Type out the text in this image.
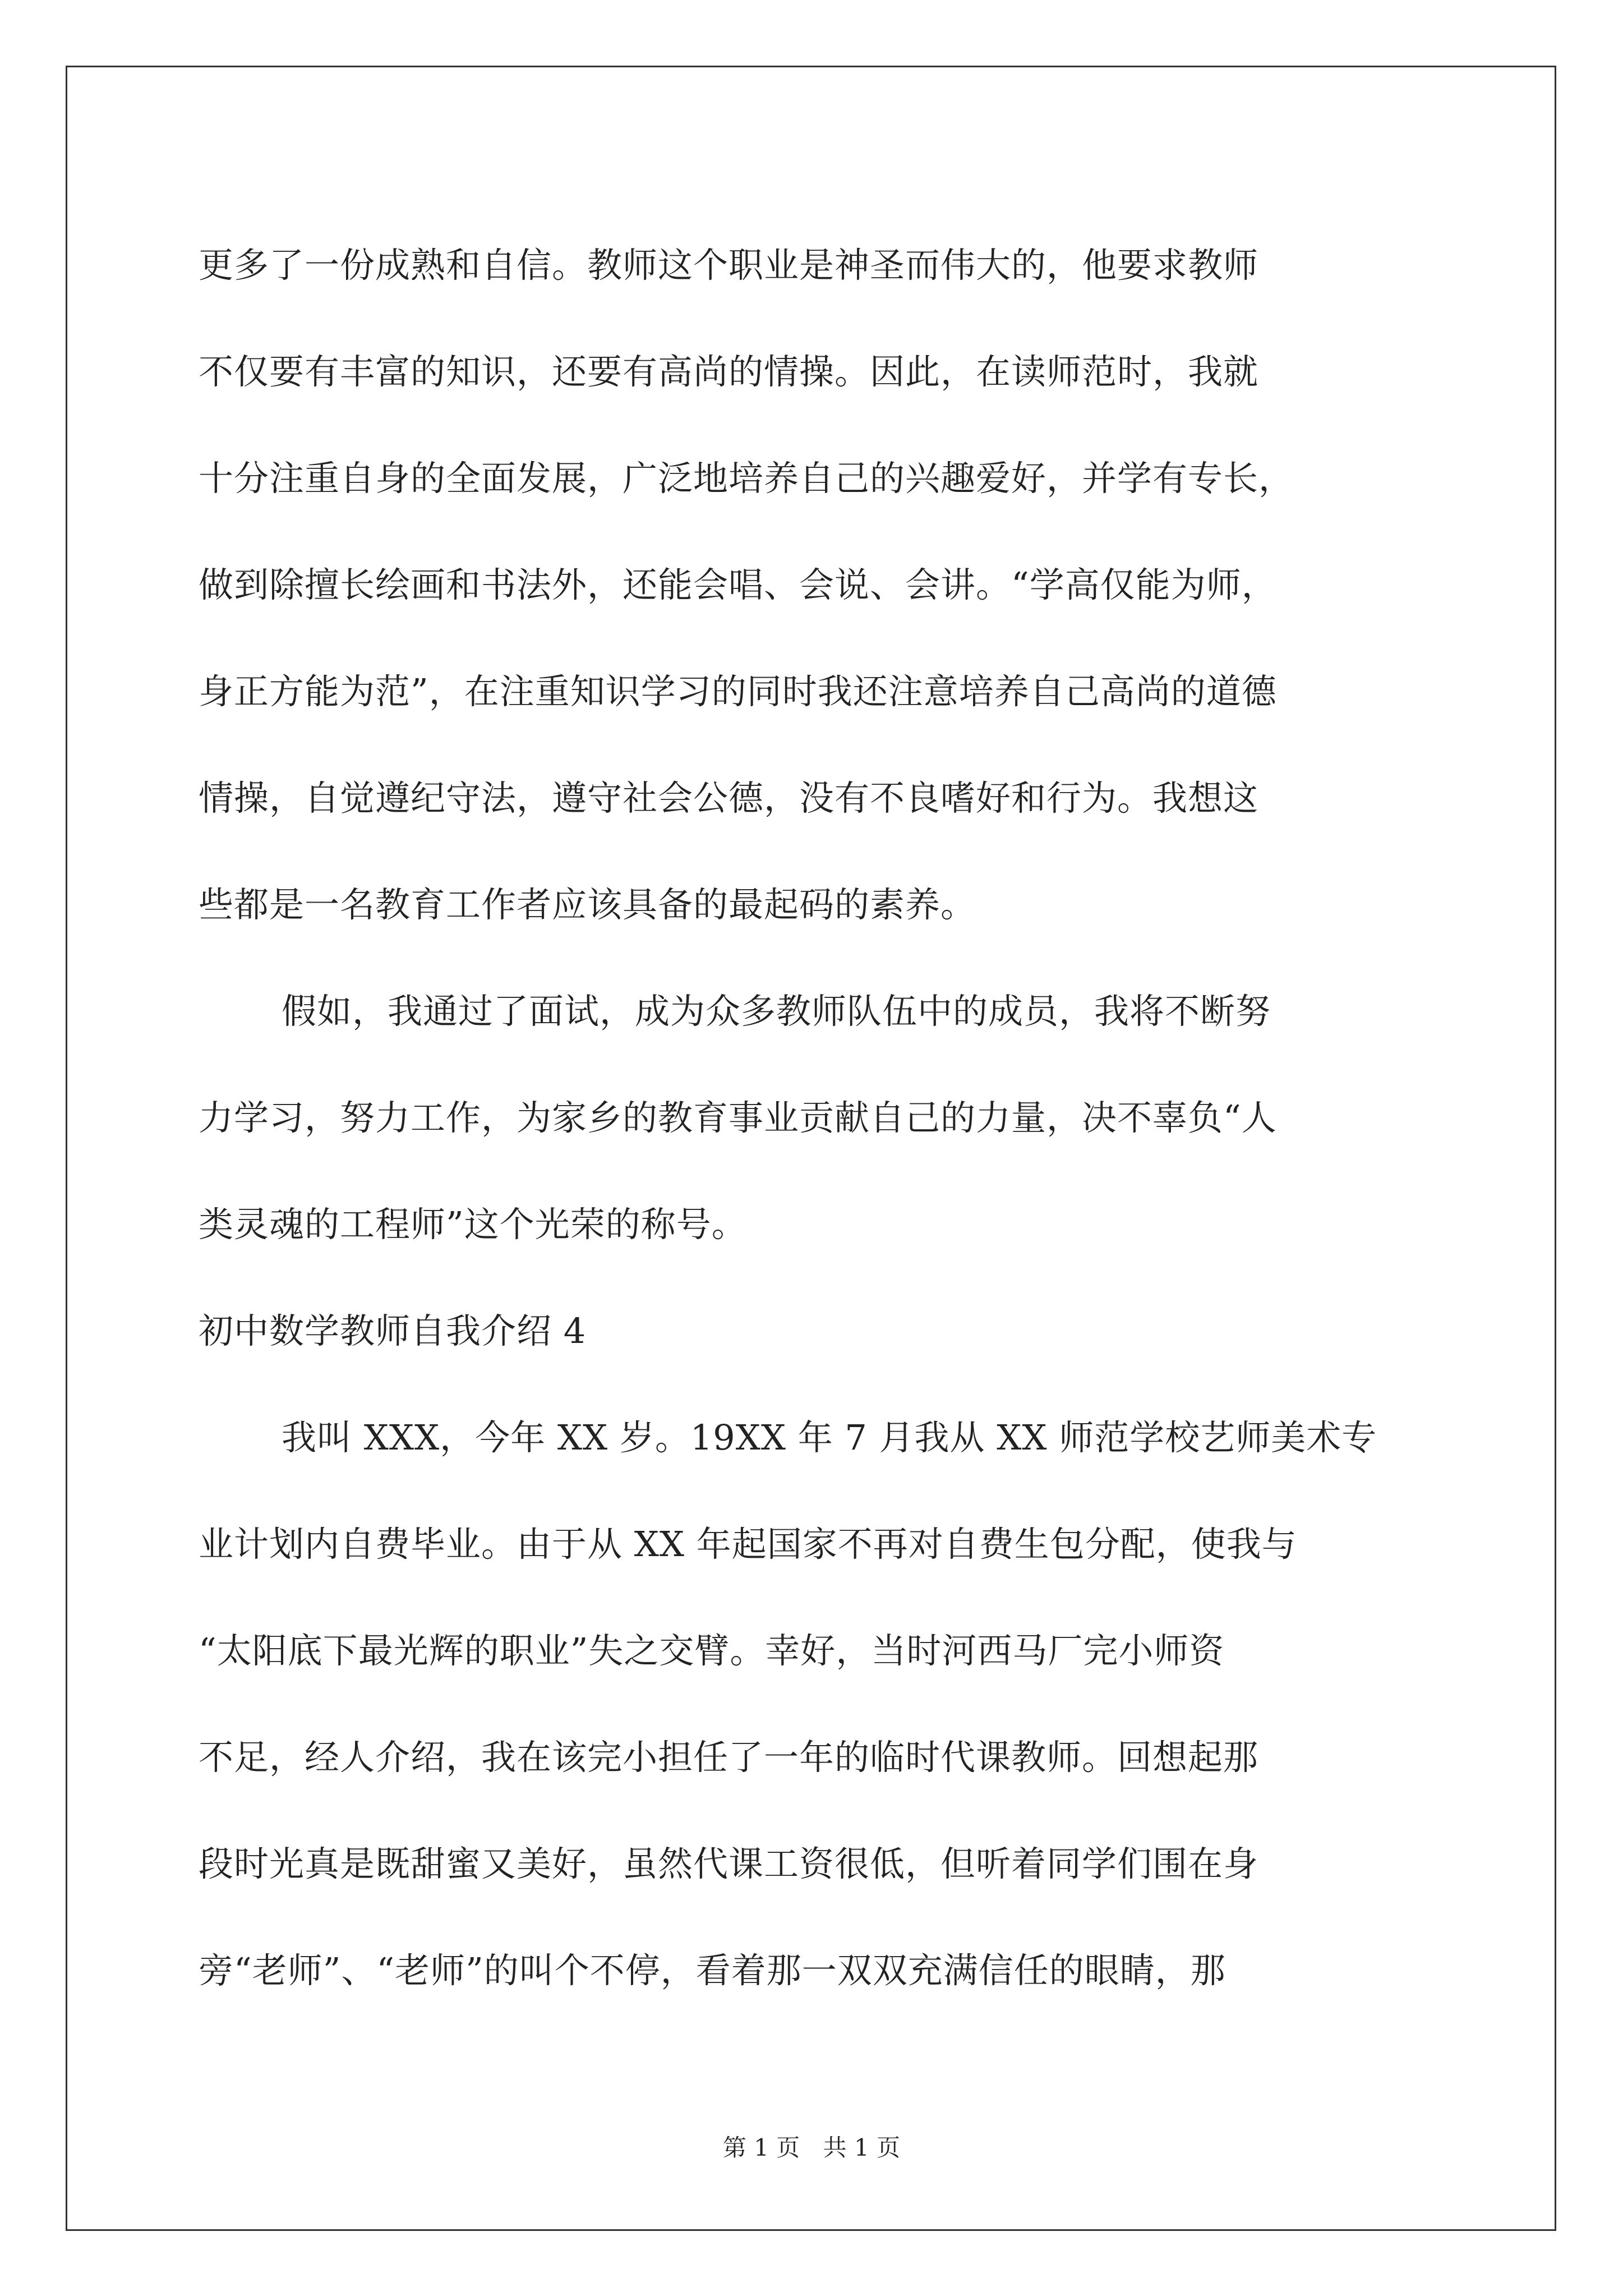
更多了一份成熟和自信。教师这个职业是神圣而伟大的，他要求教师
不仅要有丰富的知识，还要有高尚的情操。因此，在读师范时，我就
十分注重自身的全面发展，广泛地培养自己的兴趣爱好，并学有专长，
做到除擅长绘画和书法外，还能会唱、会说、会讲。“学高仅能为师，
身正方能为范”，在注重知识学习的同时我还注意培养自己高尚的道德
情操，自觉遵纪守法，遵守社会公德，没有不良嗜好和行为。我想这
些都是一名教育工作者应该具备的最起码的素养。
假如，我通过了面试，成为众多教师队伍中的成员，我将不断努
力学习，努力工作，为家乡的教育事业贡献自己的力量，决不辜负“人
类灵魂的工程师”这个光荣的称号。
初中数学教师自我介绍 4
我叫 XXX，今年 XX 岁。19XX 年 7 月我从 XX 师范学校艺师美术专
业计划内自费毕业。由于从 XX 年起国家不再对自费生包分配，使我与
“太阳底下最光辉的职业”失之交臂。幸好，当时河西马厂完小师资
不足，经人介绍，我在该完小担任了一年的临时代课教师。回想起那
段时光真是既甜蜜又美好，虽然代课工资很低，但听着同学们围在身
旁“老师”、“老师”的叫个不停，看着那一双双充满信任的眼睛，那
第 1 页 共 1 页
